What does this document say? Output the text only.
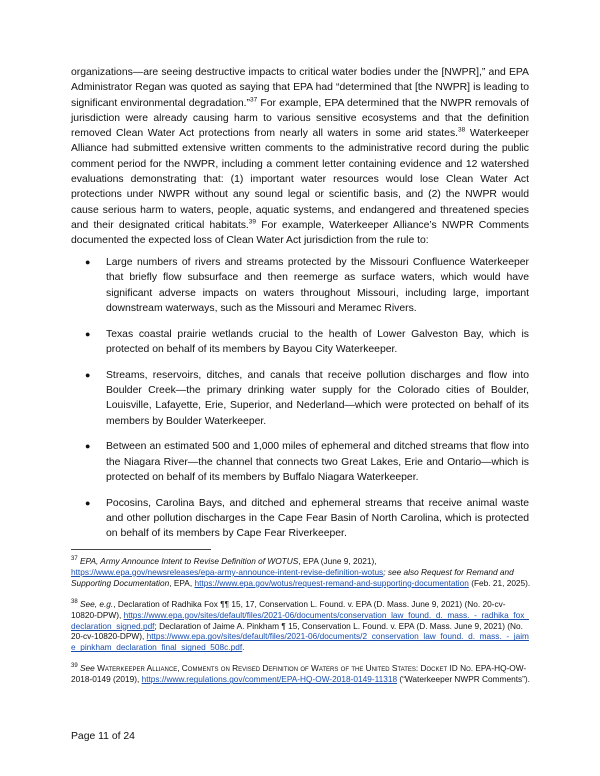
organizations—are seeing destructive impacts to critical water bodies under the [NWPR],” and EPA Administrator Regan was quoted as saying that EPA had “determined that [the NWPR] is leading to significant environmental degradation.”$^{37}$ For example, EPA determined that the NWPR removals of jurisdiction were already causing harm to various sensitive ecosystems and that the definition removed Clean Water Act protections from nearly all waters in some arid states.$^{38}$ Waterkeeper Alliance had submitted extensive written comments to the administrative record during the public comment period for the NWPR, including a comment letter containing evidence and 12 watershed evaluations demonstrating that: (1) important water resources would lose Clean Water Act protections under NWPR without any sound legal or scientific basis, and (2) the NWPR would cause serious harm to waters, people, aquatic systems, and endangered and threatened species and their designated critical habitats.$^{39}$ For example, Waterkeeper Alliance’s NWPR Comments documented the expected loss of Clean Water Act jurisdiction from the rule to:

● Large numbers of rivers and streams protected by the Missouri Confluence Waterkeeper that briefly flow subsurface and then reemerge as surface waters, which would have significant adverse impacts on waters throughout Missouri, including large, important downstream waterways, such as the Missouri and Meramec Rivers.
● Texas coastal prairie wetlands crucial to the health of Lower Galveston Bay, which is protected on behalf of its members by Bayou City Waterkeeper.
● Streams, reservoirs, ditches, and canals that receive pollution discharges and flow into Boulder Creek—the primary drinking water supply for the Colorado cities of Boulder, Louisville, Lafayette, Erie, Superior, and Nederland—which were protected on behalf of its members by Boulder Waterkeeper.
● Between an estimated 500 and 1,000 miles of ephemeral and ditched streams that flow into the Niagara River—the channel that connects two Great Lakes, Erie and Ontario—which is protected on behalf of its members by Buffalo Niagara Waterkeeper.
● Pocosins, Carolina Bays, and ditched and ephemeral streams that receive animal waste and other pollution discharges in the Cape Fear Basin of North Carolina, which is protected on behalf of its members by Cape Fear Riverkeeper.

$^{37}$ EPA, Army Announce Intent to Revise Definition of WOTUS, EPA (June 9, 2021),
https://www.epa.gov/newsreleases/epa-army-announce-intent-revise-definition-wotus; see also Request for Remand and Supporting Documentation, EPA, https://www.epa.gov/wotus/request-remand-and-supporting-documentation (Feb. 21, 2025).

$^{38}$ See, e.g., Declaration of Radhika Fox ¶¶ 15, 17, Conservation L. Found. v. EPA (D. Mass. June 9, 2021) (No. 20-cv-10820-DPW), https://www.epa.gov/sites/default/files/2021-06/documents/conservation_law_found._d._mass._-_radhika_fox_declaration_signed.pdf; Declaration of Jaime A. Pinkham ¶ 15, Conservation L. Found. v. EPA (D. Mass. June 9, 2021) (No. 20-cv-10820-DPW), https://www.epa.gov/sites/default/files/2021-06/documents/2_conservation_law_found._d._mass._-_jaime_pinkham_declaration_final_signed_508c.pdf.

$^{39}$ See Waterkeeper Alliance, Comments on Revised Definition of Waters of the United States: Docket ID No. EPA-HQ-OW-2018-0149 (2019), https://www.regulations.gov/comment/EPA-HQ-OW-2018-0149-11318 (“Waterkeeper NWPR Comments”).

Page 11 of 24
